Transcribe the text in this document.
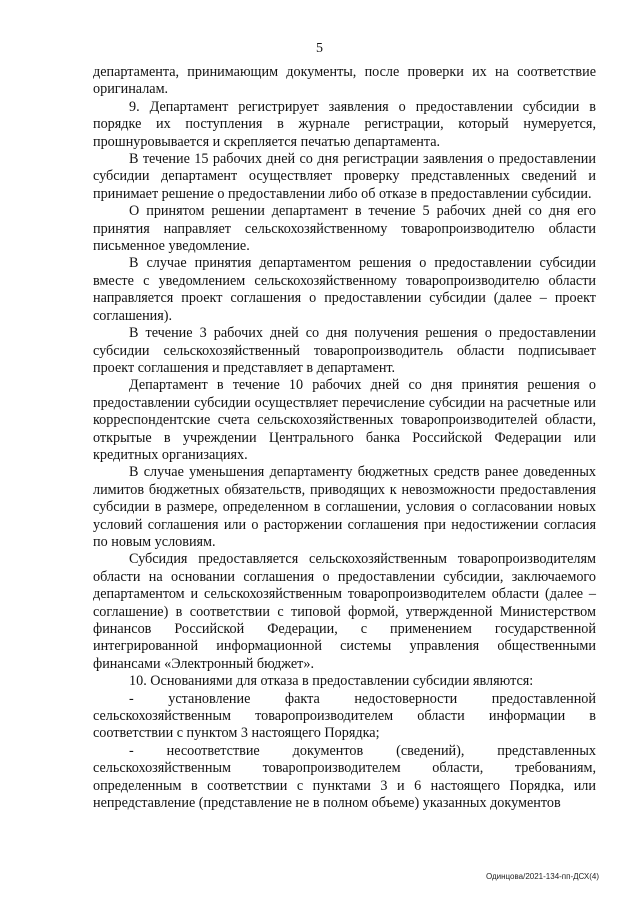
5

департамента, принимающим документы, после проверки их на соответствие оригиналам.

9. Департамент регистрирует заявления о предоставлении субсидии в порядке их поступления в журнале регистрации, который нумеруется, прошнуровывается и скрепляется печатью департамента.

В течение 15 рабочих дней со дня регистрации заявления о предоставлении субсидии департамент осуществляет проверку представленных сведений и принимает решение о предоставлении либо об отказе в предоставлении субсидии.

О принятом решении департамент в течение 5 рабочих дней со дня его принятия направляет сельскохозяйственному товаропроизводителю области письменное уведомление.

В случае принятия департаментом решения о предоставлении субсидии вместе с уведомлением сельскохозяйственному товаропроизводителю области направляется проект соглашения о предоставлении субсидии (далее – проект соглашения).

В течение 3 рабочих дней со дня получения решения о предоставлении субсидии сельскохозяйственный товаропроизводитель области подписывает проект соглашения и представляет в департамент.

Департамент в течение 10 рабочих дней со дня принятия решения о предоставлении субсидии осуществляет перечисление субсидии на расчетные или корреспондентские счета сельскохозяйственных товаропроизводителей области, открытые в учреждении Центрального банка Российской Федерации или кредитных организациях.

В случае уменьшения департаменту бюджетных средств ранее доведенных лимитов бюджетных обязательств, приводящих к невозможности предоставления субсидии в размере, определенном в соглашении, условия о согласовании новых условий соглашения или о расторжении соглашения при недостижении согласия по новым условиям.

Субсидия предоставляется сельскохозяйственным товаропроизводителям области на основании соглашения о предоставлении субсидии, заключаемого департаментом и сельскохозяйственным товаропроизводителем области (далее – соглашение) в соответствии с типовой формой, утвержденной Министерством финансов Российской Федерации, с применением государственной интегрированной информационной системы управления общественными финансами «Электронный бюджет».

10. Основаниями для отказа в предоставлении субсидии являются:

- установление факта недостоверности предоставленной сельскохозяйственным товаропроизводителем области информации в соответствии с пунктом 3 настоящего Порядка;

- несоответствие документов (сведений), представленных сельскохозяйственным товаропроизводителем области, требованиям, определенным в соответствии с пунктами 3 и 6 настоящего Порядка, или непредставление (представление не в полном объеме) указанных документов

Одинцова/2021-134-пп-ДСХ(4)
